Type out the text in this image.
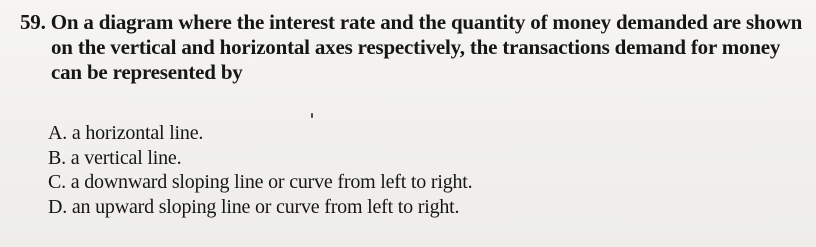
59. On a diagram where the interest rate and the quantity of money demanded are shown
on the vertical and horizontal axes respectively, the transactions demand for money
can be represented by
A. a horizontal line.
B. a vertical line.
C. a downward sloping line or curve from left to right.
D. an upward sloping line or curve from left to right.
